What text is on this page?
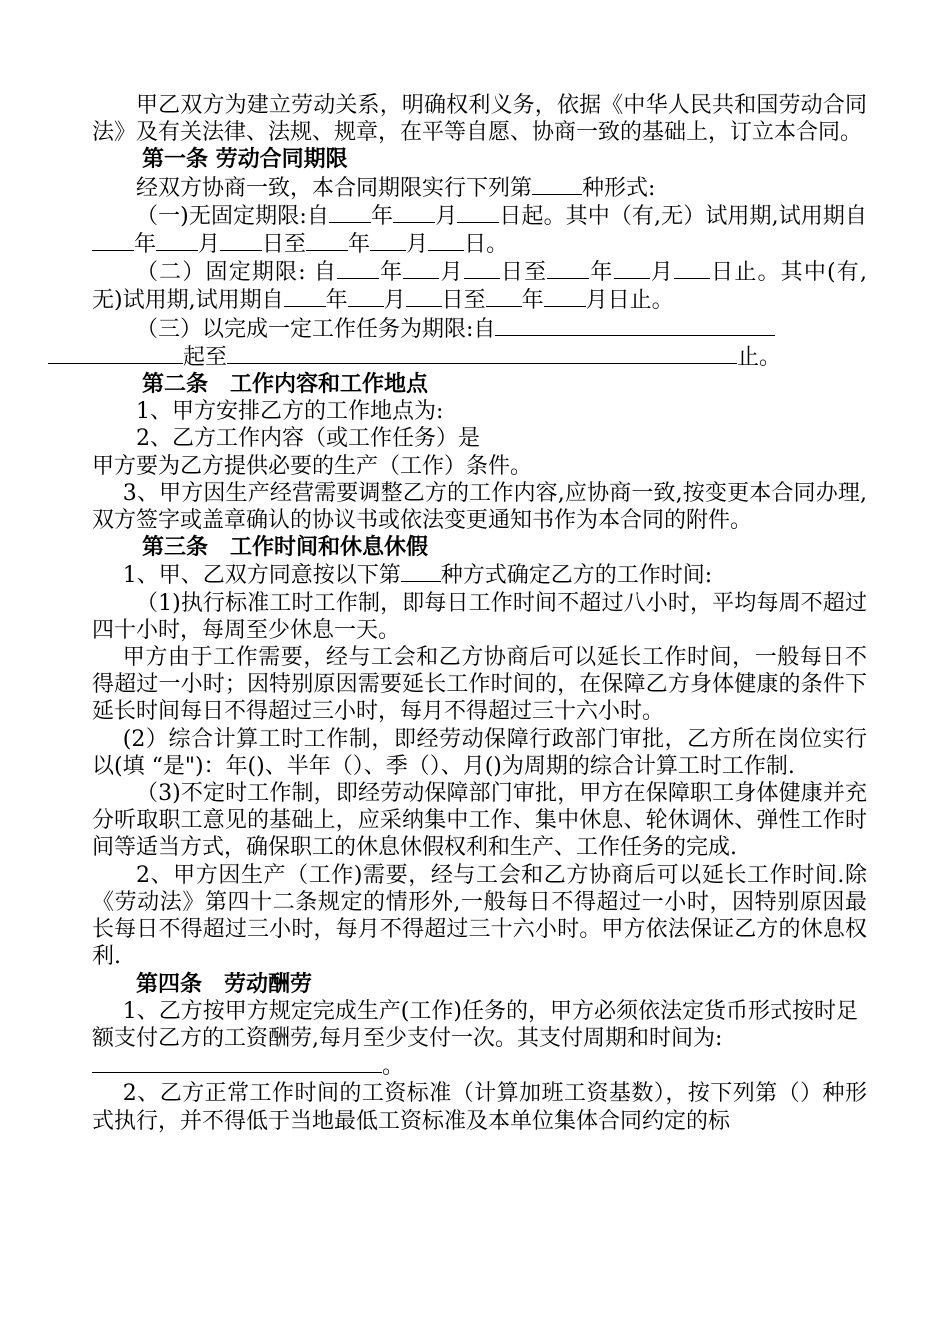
甲乙双方为建立劳动关系，明确权利义务，依据《中华人民共和国劳动合同法》及有关法律、法规、规章，在平等自愿、协商一致的基础上，订立本合同。

第一条 劳动合同期限

经双方协商一致，本合同期限实行下列第 种形式:

（一)无固定期限:自 年 月 日起。其中（有,无）试用期,试用期自年 月 日至 年 月 日。

（二）固定期限: 自 年 月 日至 年 月 日止。其中(有, 无)试用期,试用期自 年 月 日至 年 月日止。

（三）以完成一定工作任务为期限:自
起至	止。

第二条　工作内容和工作地点

1、甲方安排乙方的工作地点为:

2、乙方工作内容（或工作任务）是

甲方要为乙方提供必要的生产（工作）条件。

3、甲方因生产经营需要调整乙方的工作内容,应协商一致,按变更本合同办理, 双方签字或盖章确认的协议书或依法变更通知书作为本合同的附件。

第三条　工作时间和休息休假

1、甲、乙双方同意按以下第 种方式确定乙方的工作时间:

（1)执行标准工时工作制，即每日工作时间不超过八小时，平均每周不超过四十小时，每周至少休息一天。

甲方由于工作需要，经与工会和乙方协商后可以延长工作时间，一般每日不得超过一小时；因特别原因需要延长工作时间的，在保障乙方身体健康的条件下延长时间每日不得超过三小时，每月不得超过三十六小时。

(2）综合计算工时工作制，即经劳动保障行政部门审批，乙方所在岗位实行以(填 “是")：年()、半年（）、季（）、月()为周期的综合计算工时工作制.

（3)不定时工作制，即经劳动保障部门审批，甲方在保障职工身体健康并充分听取职工意见的基础上，应采纳集中工作、集中休息、轮休调休、弹性工作时间等适当方式，确保职工的休息休假权利和生产、工作任务的完成.

2、甲方因生产（工作)需要，经与工会和乙方协商后可以延长工作时间.除《劳动法》第四十二条规定的情形外,一般每日不得超过一小时，因特别原因最长每日不得超过三小时，每月不得超过三十六小时。甲方依法保证乙方的休息权利.

第四条　劳动酬劳

1、乙方按甲方规定完成生产(工作)任务的，甲方必须依法定货币形式按时足额支付乙方的工资酬劳,每月至少支付一次。其支付周期和时间为:。

2、乙方正常工作时间的工资标准（计算加班工资基数），按下列第（）种形式执行，并不得低于当地最低工资标准及本单位集体合同约定的标
